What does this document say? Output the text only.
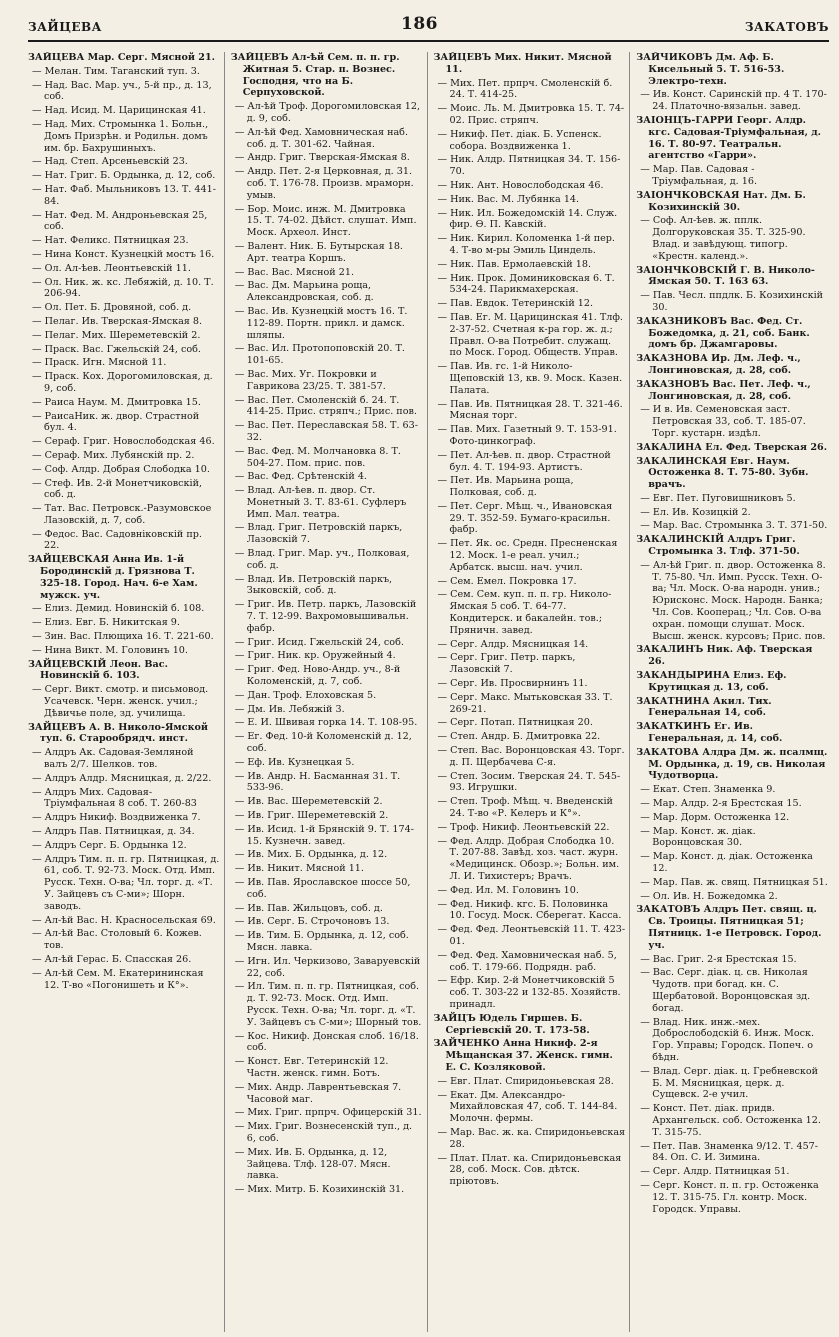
ЗАЙЦЕВА	186	ЗАКАТОВЪ

ЗАЙЦЕВА Мар. Серг. Мясной 21.

— Мелан. Тим. Таганский туп. 3.

— Над. Вас. Мар. уч., 5-й пр., д. 13, соб.

— Над. Исид. М. Царицинская 41.

— Над. Мих. Стромынка 1. Больн., Домъ Призрѣн. и Родильн. домъ им. бр. Бахрушиныхъ.

— Над. Степ. Арсеньевскій 23.

— Нат. Григ. Б. Ордынка, д. 12, соб.

— Нат. Фаб. Мыльниковъ 13. Т. 441-84.

— Нат. Фед. М. Андроньевская 25, соб.

— Нат. Феликс. Пятницкая 23.

— Нина Конст. Кузнецкій мостъ 16.

— Ол. Ал-ѣев. Леонтьевскій 11.

— Ол. Ник. ж. кс. Лебяжій, д. 10. Т. 206-94.

— Ол. Пет. Б. Дровяной, соб. д.

— Пелаг. Ив. Тверская-Ямская 8.

— Пелаг. Мих. Шереметевскій 2.

— Праск. Вас. Гжельскій 24, соб.

— Праск. Игн. Мясной 11.

— Праск. Кох. Дорогомиловская, д. 9, соб.

— Раиса Наум. М. Дмитровка 15.

— РаисаНик. ж. двор. Страстной бул. 4.

— Сераф. Григ. Новослободская 46.

— Сераф. Мих. Лубянскій пр. 2.

— Соф. Алдр. Добрая Слободка 10.

— Стеф. Ив. 2-й Монетчиковскій, соб. д.

— Тат. Вас. Петровск.-Разумовское Лазовскій, д. 7, соб.

— Федос. Вас. Садовніковскій пр. 22.

ЗАЙЦЕВСКАЯ Анна Ив. 1-й Бородинскій д. Грязнова Т. 325-18. Город. Нач. 6-е Хам. мужск. уч.

— Елиз. Демид. Новинскій б. 108.

— Елиз. Евг. Б. Никитская 9.

— Зин. Вас. Плющиха 16. Т. 221-60.

— Нина Викт. М. Головинъ 10.

ЗАЙЦЕВСКІЙ Леон. Вас. Новинскій б. 103.

— Серг. Викт. смотр. и письмовод. Усачевск. Черн. женск. учил.; Дѣвичье поле, зд. училища.

ЗАЙЦЕВЪ А. В. Николо-Ямской туп. 6. Старообрядч. инст.

— Алдръ Ак. Садовая-Земляной валъ 2/7. Шелков. тов.

— Алдръ Алдр. Мясницкая, д. 2/22.

— Алдръ Мих. Садовая-Тріумфальная 8 соб. Т. 260-83

— Алдръ Никиф. Воздвиженка 7.

— Алдръ Пав. Пятницкая, д. 34.

— Алдръ Серг. Б. Ордынка 12.

— Алдръ Тим. п. п. гр. Пятницкая, д. 61, соб. Т. 92-73. Моск. Отд. Имп. Русск. Техн. О-ва; Чл. торг. д. «Т. У. Зайцевъ съ С-ми»; Шорн. заводъ.

— Ал-ѣй Вас. Н. Красносельская 69.

— Ал-ѣй Вас. Столовый 6. Кожев. тов.

— Ал-ѣй Герас. Б. Спасская 26.

— Ал-ѣй Сем. М. Екатерининская 12. Т-во «Погонишеть и К°».

ЗАЙЦЕВЪ Ал-ѣй Сем. п. п. гр. Житная 5. Стар. п. Вознес. Господня, что на Б. Серпуховской.

— Ал-ѣй Троф. Дорогомиловская 12, д. 9, соб.

— Ал-ѣй Фед. Хамовническая наб. соб. д. Т. 301-62. Чайная.

— Андр. Григ. Тверская-Ямская 8.

— Андр. Пет. 2-я Церковная, д. 31. соб. Т. 176-78. Произв. мраморн. умыв.

— Бор. Моис. инж. М. Дмитровка 15. Т. 74-02. Дѣйст. слушат. Имп. Моск. Археол. Инст.

— Валент. Ник. Б. Бутырская 18. Арт. театра Коршъ.

— Вас. Вас. Мясной 21.

— Вас. Дм. Марьина роща, Александровская, соб. д.

— Вас. Ив. Кузнецкій мостъ 16. Т. 112-89. Портн. прикл. и дамск. шляпы.

— Вас. Ил. Протопоповскій 20. Т. 101-65.

— Вас. Мих. Уг. Покровки и Гавриковa 23/25. Т. 381-57.

— Вас. Пет. Смоленскій б. 24. Т. 414-25. Прис. стряпч.; Прис. пов.

— Вас. Пет. Переславская 58. Т. 63-32.

— Вас. Фед. М. Молчановка 8. Т. 504-27. Пом. прис. пов.

— Вас. Фед. Срѣтенскій 4.

— Влад. Ал-ѣев. п. двор. Ст. Монетный 3. Т. 83-61. Суфлеръ Имп. Мал. театра.

— Влад. Григ. Петровскій паркъ, Лазовскій 7.

— Влад. Григ. Мар. уч., Полковая, соб. д.

— Влад. Ив. Петровскій паркъ, Зыковскій, соб. д.

— Григ. Ив. Петр. паркъ, Лазовскій 7. Т. 12-99. Вахромовышивальн. фабр.

— Григ. Исид. Гжельскій 24, соб.

— Григ. Ник. кр. Оружейный 4.

— Григ. Фед. Ново-Андр. уч., 8-й Коломенскій, д. 7, соб.

— Дан. Троф. Елоховская 5.

— Дм. Ив. Лебяжій 3.

— Е. И. Швивая горка 14. Т. 108-95.

— Ег. Фед. 10-й Коломенскій д. 12, соб.

— Еф. Ив. Кузнецкая 5.

— Ив. Андр. Н. Басманная 31. Т. 533-96.

— Ив. Вас. Шереметевскій 2.

— Ив. Григ. Шереметевскій 2.

— Ив. Исид. 1-й Брянскій 9. Т. 174-15. Кузнечн. завед.

— Ив. Мих. Б. Ордынка, д. 12.

— Ив. Никит. Мясной 11.

— Ив. Пав. Ярославское шоссе 50, соб.

— Ив. Пав. Жильцовъ, соб. д.

— Ив. Серг. Б. Строчоновъ 13.

— Ив. Тим. Б. Ордынка, д. 12, соб. Мясн. лавка.

— Игн. Ил. Черкизово, Заваруевскій 22, соб.

— Ил. Тим. п. п. гр. Пятницкая, соб. д. Т. 92-73. Моск. Отд. Имп. Русск. Техн. О-ва; Чл. торг. д. «Т. У. Зайцевъ съ С-ми»; Шорный тов.

— Кос. Никиф. Донская слоб. 16/18. соб.

— Конст. Евг. Тетеринскій 12. Частн. женск. гимн. Ботъ.

— Мих. Андр. Лаврентьевская 7. Часовой маг.

— Мих. Григ. прпрч. Офицерскій 31.

— Мих. Григ. Вознесенскій туп., д. 6, соб.

— Мих. Ив. Б. Ордынка, д. 12, Зайцева. Тлф. 128-07. Мясн. лавка.

— Мих. Митр. Б. Козихинскій 31.

ЗАЙЦЕВЪ Мих. Никит. Мясной 11.

— Мих. Пет. прпрч. Смоленскій б. 24. Т. 414-25.

— Моис. Ль. М. Дмитровка 15. Т. 74-02. Прис. стряпч.

— Никиф. Пет. діак. Б. Успенск. собора. Воздвиженка 1.

— Ник. Алдр. Пятницкая 34. Т. 156-70.

— Ник. Ант. Новослободская 46.

— Ник. Вас. М. Лубянка 14.

— Ник. Ил. Божедомскій 14. Служ. фир. Ө. П. Кавскій.

— Ник. Кирил. Коломенка 1-й пер. 4. Т-во м-ры Эмиль Циндель.

— Ник. Пав. Ермолаевскій 18.

— Ник. Прок. Доминиковская 6. Т. 534-24. Парикмахерская.

— Пав. Евдок. Тетеринскій 12.

— Пав. Ег. М. Царицинская 41. Тлф. 2-37-52. Счетная к-ра гор. ж. д.; Правл. О-ва Потребит. служащ. по Моск. Город. Обществ. Управ.

— Пав. Ив. гс. 1-й Николо-Щеповскій 13, кв. 9. Моск. Казен. Палата.

— Пав. Ив. Пятницкая 28. Т. 321-46. Мясная торг.

— Пав. Мих. Газетный 9. Т. 153-91. Фото-цинкограф.

— Пет. Ал-ѣев. п. двор. Страстной бул. 4. Т. 194-93. Артистъ.

— Пет. Ив. Марьина роща, Полковая, соб. д.

— Пет. Серг. Мѣщ. ч., Ивановская 29. Т. 352-59. Бумаго-красильн. фабр.

— Пет. Як. ос. Средн. Пресненская 12. Моск. 1-е реал. учил.; Арбатск. высш. нач. учил.

— Сем. Емел. Покровка 17.

— Сем. Сем. куп. п. п. гр. Николо-Ямская 5 соб. Т. 64-77. Кондитерск. и бакалейн. тов.; Пряничн. завед.

— Серг. Алдр. Мясницкая 14.

— Серг. Григ. Петр. паркъ, Лазовскій 7.

— Серг. Ив. Просвирнинъ 11.

— Серг. Макс. Мытьковская 33. Т. 269-21.

— Серг. Потап. Пятницкая 20.

— Степ. Андр. Б. Дмитровка 22.

— Степ. Вас. Воронцовская 43. Торг. д. П. Щербачева С-я.

— Степ. Зосим. Тверская 24. Т. 545-93. Игрушки.

— Степ. Троф. Мѣщ. ч. Введенскій 24. Т-во «Р. Келеръ и К°».

— Троф. Никиф. Леонтьевскій 22.

— Фед. Алдр. Добрая Слободка 10. Т. 207-88. Завѣд. хоз. част. журн. «Медицинск. Обозр.»; Больн. им. Л. И. Тихистеръ; Врачъ.

— Фед. Ил. М. Головинъ 10.

— Фед. Никиф. кгс. Б. Половинка 10. Госуд. Моск. Сберегат. Касса.

— Фед. Фед. Леонтьевскій 11. Т. 423-01.

— Фед. Фед. Хамовническая наб. 5, соб. Т. 179-66. Подрядн. раб.

— Ефр. Кир. 2-й Монетчиковскій 5 соб. Т. 303-22 и 132-85. Хозяйств. принадл.

ЗАЙЦЪ Юдель Гиршев. Б. Сергіевскій 20. Т. 173-58.

ЗАЙЧЕНКО Анна Никиф. 2-я Мѣщанская 37. Женск. гимн. Е. С. Козляковой.

— Евг. Плат. Спиридоньевская 28.

— Екат. Дм. Александро-Михайловская 47, соб. Т. 144-84. Молочн. фермы.

— Мар. Вас. ж. ка. Спиридоньевская 28.

— Плат. Плат. ка. Спиридоньевская 28, соб. Моск. Сов. дѣтск. пріютовъ.

ЗАЙЧИКОВЪ Дм. Аф. Б. Кисельный 5. Т. 516-53. Электро-техн.

— Ив. Конст. Саринскій пр. 4 Т. 170-24. Платочно-вязальн. завед.

ЗАІОНЦЪ-ГАРРИ Георг. Алдр. кгс. Садовая-Тріумфальная, д. 16. Т. 80-97. Театральн. агентство «Гарри».

— Мар. Пав. Садовая - Тріумфальная, д. 16.

ЗАІОНЧКОВСКАЯ Нат. Дм. Б. Козихинскій 30.

— Соф. Ал-ѣев. ж. пплк. Долгоруковская 35. Т. 325-90. Влад. и завѣдующ. типогр. «Крестн. календ.».

ЗАІОНЧКОВСКІЙ Г. В. Николо-Ямская 50. Т. 163 63.

— Пав. Чесл. ппдлк. Б. Козихинскій 30.

ЗАКАЗНИКОВЪ Вас. Фед. Ст. Божедомка, д. 21, соб. Банк. домъ бр. Джамгаровы.

ЗАКАЗНОВА Ир. Дм. Леф. ч., Лонгиновская, д. 28, соб.

ЗАКАЗНОВЪ Вас. Пет. Леф. ч., Лонгиновская, д. 28, соб.

— И в. Ив. Семеновская заст. Петровская 33, соб. Т. 185-07. Торг. кустарн. издѣл.

ЗАКАЛИНА Ел. Фед. Тверская 26.

ЗАКАЛИНСКАЯ Евг. Наум. Остоженка 8. Т. 75-80. Зубн. врачъ.

— Евг. Пет. Пуговишниковъ 5.

— Ел. Ив. Козицкій 2.

— Мар. Вас. Стромынка 3. Т. 371-50.

ЗАКАЛИНСКІЙ Алдръ Григ. Стромынка 3. Тлф. 371-50.

— Ал-ѣй Григ. п. двор. Остоженка 8. Т. 75-80. Чл. Имп. Русск. Техн. О-ва; Чл. Моск. О-ва народн. унив.; Юрисконс. Моск. Народн. Банка; Чл. Сов. Кооперац.; Чл. Сов. О-ва охран. помощи слушат. Моск. Высш. женск. курсовъ; Прис. пов.

ЗАКАЛИНЪ Ник. Аф. Тверская 26.

ЗАКАНДЫРИНА Елиз. Еф. Крутицкая д. 13, соб.

ЗАКАТНИНА Акил. Тих. Генеральная 14, соб.

ЗАКАТКИНЪ Ег. Ив. Генеральная, д. 14, соб.

ЗАКАТОВА Алдра Дм. ж. псалмщ. М. Ордынка, д. 19, св. Николая Чудотворца.

— Екат. Степ. Знаменка 9.

— Мар. Алдр. 2-я Брестская 15.

— Мар. Дорм. Остоженка 12.

— Мар. Конст. ж. діак. Воронцовская 30.

— Мар. Конст. д. діак. Остоженка 12.

— Мар. Пав. ж. свящ. Пятницкая 51.

— Ол. Ив. Н. Божедомка 2.

ЗАКАТОВЪ Алдръ Пет. свящ. ц. Св. Троицы. Пятницкая 51; Пятницк. 1-е Петровск. Город. уч.

— Вас. Григ. 2-я Брестская 15.

— Вас. Серг. діак. ц. св. Николая Чудотв. при богад. кн. С. Щербатовой. Воронцовская зд. богад.

— Влад. Ник. инж.-мех. Доброслободскій 6. Инж. Моск. Гор. Управы; Городск. Попеч. о бѣдн.

— Влад. Серг. діак. ц. Гребневской Б. М. Мясницкая, церк. д. Сущевск. 2-е учил.

— Конст. Пет. діак. придв. Архангельск. соб. Остоженка 12. Т. 315-75.

— Пет. Пав. Знаменка 9/12. Т. 457-84. Оп. С. И. Зимина.

— Серг. Алдр. Пятницкая 51.

— Серг. Конст. п. п. гр. Остоженка 12. Т. 315-75. Гл. контр. Моск. Городск. Управы.
